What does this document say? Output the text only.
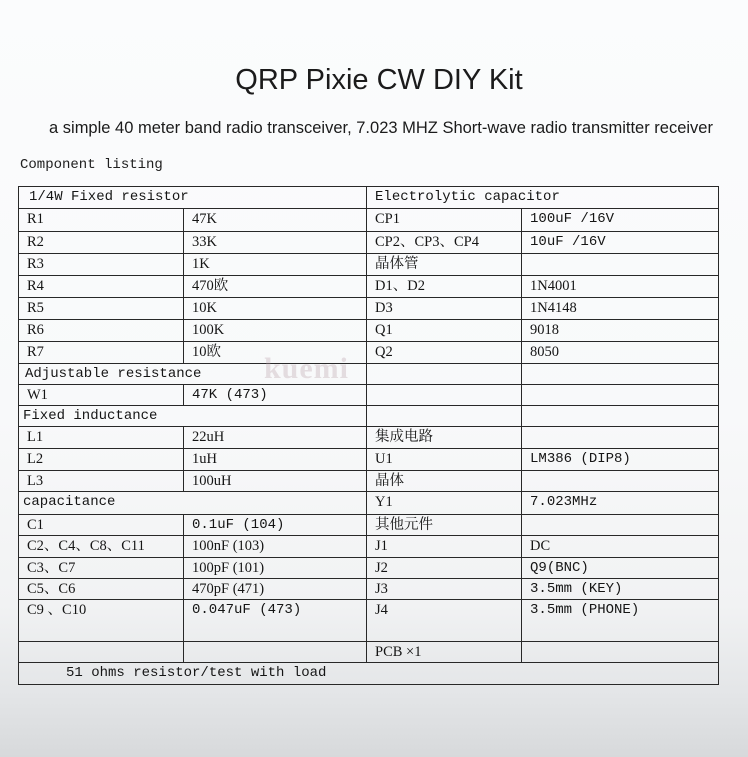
QRP Pixie CW DIY Kit
a simple 40 meter band radio transceiver, 7.023 MHZ Short-wave radio transmitter receiver
Component listing
1/4W Fixed resistor		Electrolytic capacitor	
R1	47K	CP1	100uF /16V
R2	33K	CP2、CP3、CP4	10uF /16V
R3	1K	晶体管	
R4	470欧	D1、D2	1N4001
R5	10K	D3	1N4148
R6	100K	Q1	9018
R7	10欧	Q2	8050
Adjustable resistance			
W1	47K (473)		
Fixed inductance			
L1	22uH	集成电路	
L2	1uH	U1	LM386 (DIP8)
L3	100uH	晶体	
capacitance		Y1	7.023MHz
C1	0.1uF (104)	其他元件	
C2、C4、C8、C11	100nF (103)	J1	DC
C3、C7	100pF (101)	J2	Q9(BNC)
C5、C6	470pF (471)	J3	3.5mm (KEY)
C9 、C10	0.047uF (473)	J4	3.5mm (PHONE)
		PCB ×1	
51 ohms resistor/test with load			
kuemi
